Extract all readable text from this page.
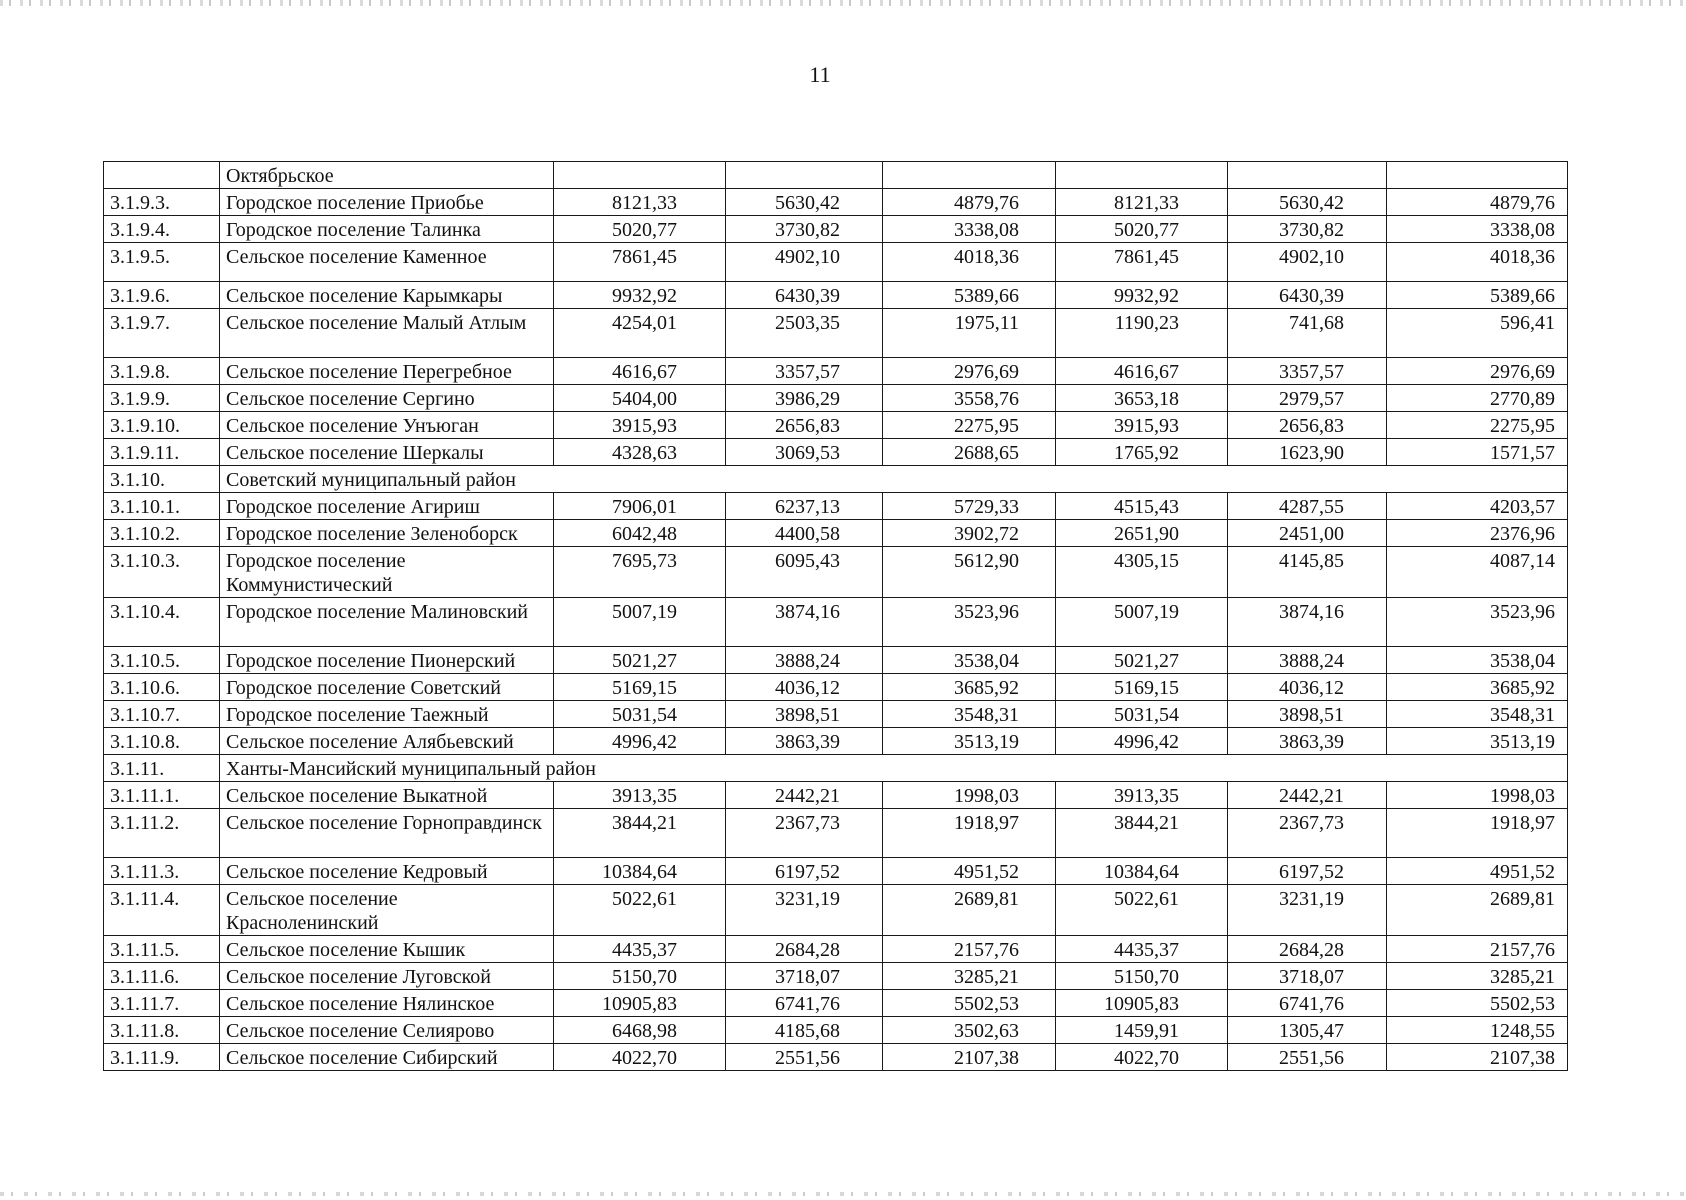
11
	Октябрьское						
3.1.9.3.	Городское поселение Приобье	8121,33	5630,42	4879,76	8121,33	5630,42	4879,76
3.1.9.4.	Городское поселение Талинка	5020,77	3730,82	3338,08	5020,77	3730,82	3338,08
3.1.9.5.	Сельское поселение Каменное	7861,45	4902,10	4018,36	7861,45	4902,10	4018,36
3.1.9.6.	Сельское поселение Карымкары	9932,92	6430,39	5389,66	9932,92	6430,39	5389,66
3.1.9.7.	Сельское поселение Малый Атлым	4254,01	2503,35	1975,11	1190,23	741,68	596,41
3.1.9.8.	Сельское поселение Перегребное	4616,67	3357,57	2976,69	4616,67	3357,57	2976,69
3.1.9.9.	Сельское поселение Сергино	5404,00	3986,29	3558,76	3653,18	2979,57	2770,89
3.1.9.10.	Сельское поселение Унъюган	3915,93	2656,83	2275,95	3915,93	2656,83	2275,95
3.1.9.11.	Сельское поселение Шеркалы	4328,63	3069,53	2688,65	1765,92	1623,90	1571,57
3.1.10.	Советский муниципальный район						
3.1.10.1.	Городское поселение Агириш	7906,01	6237,13	5729,33	4515,43	4287,55	4203,57
3.1.10.2.	Городское поселение Зеленоборск	6042,48	4400,58	3902,72	2651,90	2451,00	2376,96
3.1.10.3.	Городское поселение Коммунистический	7695,73	6095,43	5612,90	4305,15	4145,85	4087,14
3.1.10.4.	Городское поселение Малиновский	5007,19	3874,16	3523,96	5007,19	3874,16	3523,96
3.1.10.5.	Городское поселение Пионерский	5021,27	3888,24	3538,04	5021,27	3888,24	3538,04
3.1.10.6.	Городское поселение Советский	5169,15	4036,12	3685,92	5169,15	4036,12	3685,92
3.1.10.7.	Городское поселение Таежный	5031,54	3898,51	3548,31	5031,54	3898,51	3548,31
3.1.10.8.	Сельское поселение Алябьевский	4996,42	3863,39	3513,19	4996,42	3863,39	3513,19
3.1.11.	Ханты-Мансийский муниципальный район						
3.1.11.1.	Сельское поселение Выкатной	3913,35	2442,21	1998,03	3913,35	2442,21	1998,03
3.1.11.2.	Сельское поселение Горноправдинск	3844,21	2367,73	1918,97	3844,21	2367,73	1918,97
3.1.11.3.	Сельское поселение Кедровый	10384,64	6197,52	4951,52	10384,64	6197,52	4951,52
3.1.11.4.	Сельское поселение Красноленинский	5022,61	3231,19	2689,81	5022,61	3231,19	2689,81
3.1.11.5.	Сельское поселение Кышик	4435,37	2684,28	2157,76	4435,37	2684,28	2157,76
3.1.11.6.	Сельское поселение Луговской	5150,70	3718,07	3285,21	5150,70	3718,07	3285,21
3.1.11.7.	Сельское поселение Нялинское	10905,83	6741,76	5502,53	10905,83	6741,76	5502,53
3.1.11.8.	Сельское поселение Селиярово	6468,98	4185,68	3502,63	1459,91	1305,47	1248,55
3.1.11.9.	Сельское поселение Сибирский	4022,70	2551,56	2107,38	4022,70	2551,56	2107,38
